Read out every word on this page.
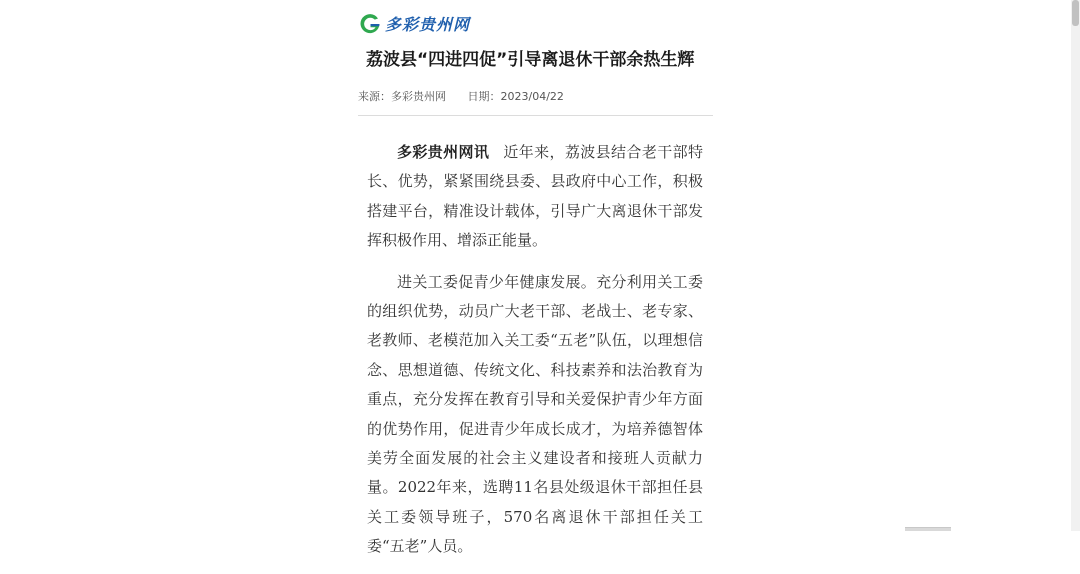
多彩贵州网
荔波县“四进四促”引导离退休干部余热生辉
来源：多彩贵州网 日期：2023/04/22

多彩贵州网讯 近年来，荔波县结合老干部特长、优势，紧紧围绕县委、县政府中心工作，积极搭建平台，精准设计载体，引导广大离退休干部发挥积极作用、增添正能量。

进关工委促青少年健康发展。充分利用关工委的组织优势，动员广大老干部、老战士、老专家、老教师、老模范加入关工委“五老”队伍，以理想信念、思想道德、传统文化、科技素养和法治教育为重点，充分发挥在教育引导和关爱保护青少年方面的优势作用，促进青少年成长成才，为培养德智体美劳全面发展的社会主义建设者和接班人贡献力量。2022年来，选聘11名县处级退休干部担任县关工委领导班子，570名离退休干部担任关工委“五老”人员。
